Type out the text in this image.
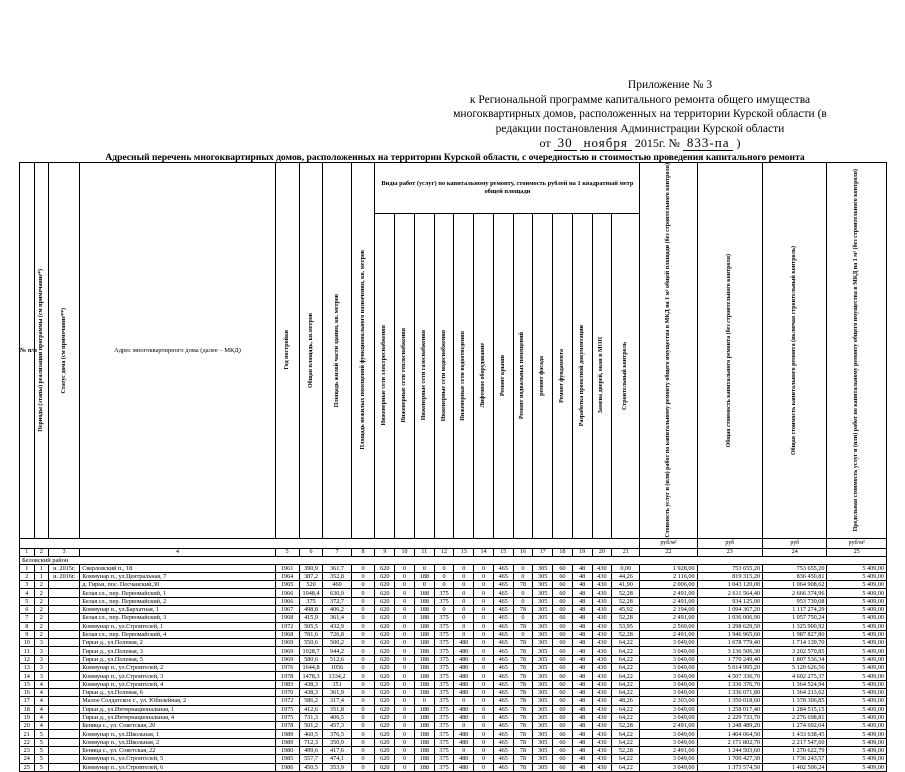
Приложение № 3
к Региональной программе капитального ремонта общего имущества
многоквартирных домов, расположенных на территории Курской области (в
редакции постановления Администрации Курской области
от 30 ноября 2015г. № 833-па )
Адресный перечень многоквартирных домов, расположенных на территории Курской области, с очередностью и стоимостью проведения капитального ремонта
№ п/п	Периоды (этапы) реализации программы (см примечание*)	Статус дома (см примечание**)	Адрес многоквартирного дома (далее – МКД)	Год постройки	Общая площадь, кв.метров	Площадь жилой части здания, кв. метров	Площадь нежилых помещений функционального назначения, кв. метров	Виды работ (услуг) по капитальному ремонту, стоимость рублей на 1 квадратный метр общей площади													Стоимость услуг и (или) работ по капитальному ремонту общего имущества в МКД на 1 м² общей площади (без строительного контроля)	Общая стоимость капитального ремонта (без строительного контроля)	Общая стоимость капитального ремонта (включая строительный контроль)	Предельная стоимость услуг и (или) работ по капитальному ремонту общего имущества в МКД на 1 м² (без строительного контроля)

								Инженерные сети электроснабжения	Инженерные сети теплоснабжения	Инженерные сети газоснабжения	Инженерные сети водоснабжения	Инженерные сети водоотведения	Лифтовое оборудование	Ремонт крыши	Ремонт подвальных помещений	ремонт фасада	Ремонт фундамента	Разработка проектной документации	Замена дверей, окон в МОП	Строительный контроль				

																					руб/м²	руб	руб	руб/м²
1	2	3	4	5	6	7	8	9	10	11	12	13	14	15	16	17	18	19	20	21	22	23	24	25
Беловский район																								
1	1	н. 2015г.	Сверловский п., 18	1961	390,9	361,7	0	620	0	0	0	0	0	465	0	305	60	48	430	0,00	1 928,00	753 655,20	753 655,20	5 409,00
2	1	н. 2016г.	Коммунар п., ул.Центральная, 7	1964	387,2	352,8	0	620	0	188	0	0	0	465	0	305	60	48	430	44,26	2 116,00	819 315,20	836 450,81	5 409,00
3	2		д. Гирьи, пос. Песчанский,30	1965	520	460	0	620	0	0	0	0	0	465	78	305	60	48	430	41,90	2 006,00	1 043 120,00	1 064 908,62	5 409,00
4	2		Белая сл., пер. Первомайский, 1	1966	1048,4	630,9	0	620	0	188	375	0	0	465	0	305	60	48	430	52,28	2 491,00	2 611 564,40	2 666 374,96	5 409,00
5	2		Белая сл., пер. Первомайский, 2	1966	375	372,7	0	620	0	188	375	0	0	465	0	305	60	48	430	52,28	2 491,00	934 125,00	953 730,08	5 409,00
6	2		Коммунар п., ул.Бархатная, 1	1967	498,8	406,2	0	620	0	188	0	0	0	465	78	305	60	48	430	45,92	2 194,00	1 094 367,20	1 117 274,29	5 409,00
7	2		Белая сл., пер. Первомайский, 3	1968	415,9	361,4	0	620	0	188	375	0	0	465	0	305	60	48	430	52,28	2 491,00	1 036 006,90	1 057 750,24	5 409,00
8	2		Коммунар п., ул.Строителей, 1	1972	505,5	432,9	0	620	0	188	375	0	0	465	78	305	60	48	430	53,95	2 569,00	1 298 629,50	1 325 900,92	5 409,00
9	2		Белая сл., пер. Первомайский, 4	1968	781,6	726,8	0	620	0	188	375	0	0	465	0	305	60	48	430	52,28	2 491,00	1 946 965,60	1 987 827,80	5 409,00
10	3		Гирьи д., ул.Полевая, 2	1969	550,6	500,2	0	620	0	188	375	480	0	465	78	305	60	48	430	64,22	3 049,00	1 678 779,40	1 714 139,70	5 409,00
11	3		Гирьи д., ул.Полевая, 3	1969	1028,7	944,2	0	620	0	188	375	480	0	465	78	305	60	48	430	64,22	3 049,00	3 136 506,30	3 202 570,85	5 409,00
12	3		Гирьи д., ул.Полевая, 5	1969	580,6	512,6	0	620	0	188	375	480	0	465	78	305	60	48	430	64,22	3 049,00	1 770 249,40	1 807 536,34	5 409,00
13	3		Коммунар п., ул.Строителей, 2	1976	1644,8	1056	0	620	0	188	375	480	0	465	78	305	60	48	430	64,22	3 049,00	5 014 995,20	5 120 626,56	5 409,00
14	3		Коммунар п., ул.Строителей, 3	1978	1478,3	1334,2	0	620	0	188	375	480	0	465	78	305	60	48	430	64,22	3 049,00	4 507 336,70	4 602 275,37	5 409,00
15	4		Коммунар п., ул.Строителей, 4	1983	438,3	351	0	620	0	188	375	480	0	465	78	305	60	48	430	64,22	3 049,00	1 336 376,70	1 364 524,94	5 409,00
16	4		Гирьи д., ул.Полевая, 6	1970	438,3	361,9	0	620	0	188	375	480	0	465	78	305	60	48	430	64,22	3 049,00	1 336 071,80	1 364 213,62	5 409,00
17	4		Малое Солдатское с., ул. Юбилейная, 2	1972	586,2	317,4	0	620	0	0	375	0	0	465	78	305	60	48	430	48,26	2 303,00	1 350 018,60	1 378 306,85	5 409,00
18	4		Гирьи д., ул.Интернациональная, 1	1975	412,6	351,8	0	620	0	188	375	480	0	465	78	305	60	48	430	64,22	3 049,00	1 258 017,40	1 284 515,15	5 409,00
19	4		Гирьи д., ул.Интернациональная, 4	1975	731,3	406,5	0	620	0	188	375	480	0	465	78	305	60	48	430	64,22	3 049,00	2 229 733,70	2 276 698,81	5 409,00
20	4		Беница с., ул. Советская, 20	1978	501,2	457,3	0	620	0	188	375	0	0	465	78	305	60	48	430	52,28	2 491,00	1 248 489,20	1 274 692,04	5 409,00
21	5		Коммунар п., ул.Школьная, 1	1989	460,5	376,5	0	620	0	188	375	480	0	465	78	305	60	48	430	64,22	3 049,00	1 404 064,50	1 433 638,45	5 409,00
22	5		Коммунар п., ул.Школьная, 2	1989	712,3	350,9	0	620	0	188	375	480	0	465	78	305	60	48	430	64,22	3 049,00	2 171 802,70	2 217 547,60	5 409,00
23	5		Беница с., ул. Советская, 22	1980	499,6	417,6	0	620	0	188	375	0	0	465	78	305	60	48	430	52,28	2 491,00	1 244 503,60	1 270 622,79	5 409,00
24	5		Коммунар п., ул.Строителей, 5	1985	557,7	474,1	0	620	0	188	375	480	0	465	78	305	60	48	430	64,22	3 049,00	1 700 427,30	1 736 243,57	5 409,00
25	5		Коммунар п., ул.Строителей, 6	1986	450,5	353,9	0	620	0	188	375	480	0	465	78	305	60	48	430	64,22	3 049,00	1 373 574,50	1 402 506,24	5 409,00
